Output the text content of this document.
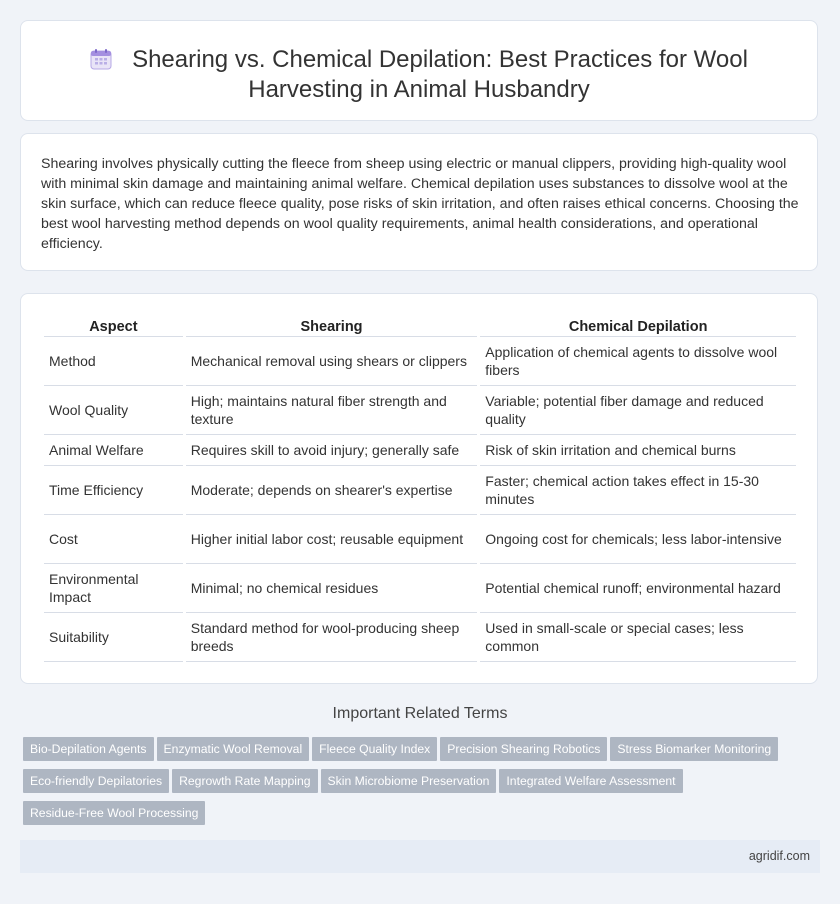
Shearing vs. Chemical Depilation: Best Practices for Wool
Harvesting in Animal Husbandry

Shearing involves physically cutting the fleece from sheep using electric or manual clippers, providing high-quality wool with minimal skin damage and maintaining animal welfare. Chemical depilation uses substances to dissolve wool at the skin surface, which can reduce fleece quality, pose risks of skin irritation, and often raises ethical concerns. Choosing the best wool harvesting method depends on wool quality requirements, animal health considerations, and operational efficiency.

Aspect	Shearing	Chemical Depilation
Method	Mechanical removal using shears or clippers	Application of chemical agents to dissolve wool fibers
Wool Quality	High; maintains natural fiber strength and texture	Variable; potential fiber damage and reduced quality
Animal Welfare	Requires skill to avoid injury; generally safe	Risk of skin irritation and chemical burns
Time Efficiency	Moderate; depends on shearer's expertise	Faster; chemical action takes effect in 15-30 minutes
Cost	Higher initial labor cost; reusable equipment	Ongoing cost for chemicals; less labor-intensive
Environmental Impact	Minimal; no chemical residues	Potential chemical runoff; environmental hazard
Suitability	Standard method for wool-producing sheep breeds	Used in small-scale or special cases; less common
Important Related Terms
Bio-Depilation Agents Enzymatic Wool Removal Fleece Quality Index Precision Shearing Robotics Stress Biomarker Monitoring
Eco-friendly Depilatories Regrowth Rate Mapping Skin Microbiome Preservation Integrated Welfare Assessment
Residue-Free Wool Processing
agridif.com
